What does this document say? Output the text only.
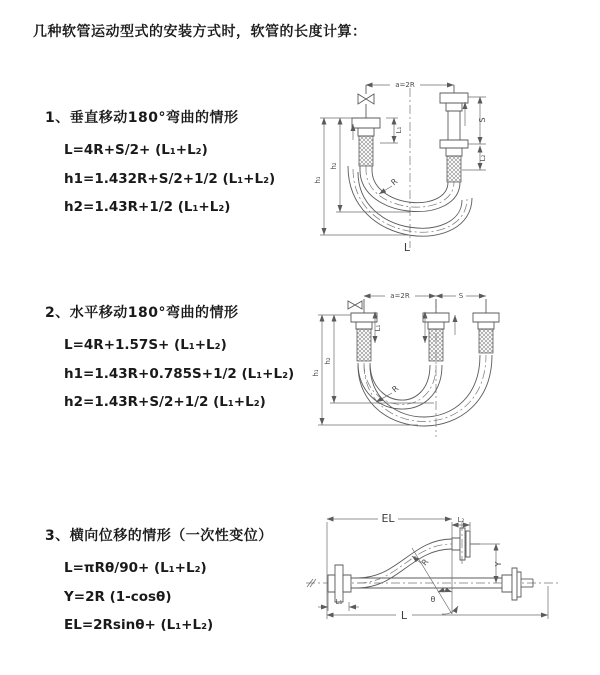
几种软管运动型式的安装方式时，软管的长度计算：
1、垂直移动180°弯曲的情形
L=4R+S/2+ (L₁+L₂)
h1=1.432R+S/2+1/2 (L₁+L₂)
h2=1.43R+1/2 (L₁+L₂)
2、水平移动180°弯曲的情形
L=4R+1.57S+ (L₁+L₂)
h1=1.43R+0.785S+1/2 (L₁+L₂)
h2=1.43R+S/2+1/2 (L₁+L₂)
3、横向位移的情形（一次性变位）
L=πRθ/90+ (L₁+L₂)
Y=2R (1-cosθ)
EL=2Rsinθ+ (L₁+L₂)
a=2R
L₁
S
L₂
h₂
h₁	R
L
a=2R	S
L₁
h₂
h₁
R
EL	L₂
θ
Y
R
L₁
L
